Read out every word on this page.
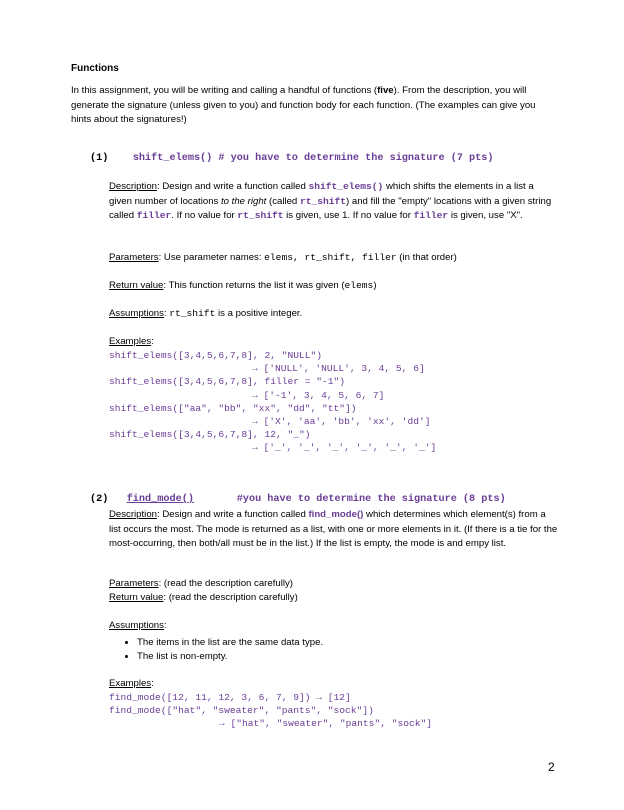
Functions
In this assignment, you will be writing and calling a handful of functions (five). From the description, you will generate the signature (unless given to you) and function body for each function. (The examples can give you hints about the signatures!)
(1) shift_elems() # you have to determine the signature (7 pts)
Description: Design and write a function called shift_elems() which shifts the elements in a list a given number of locations to the right (called rt_shift) and fill the "empty" locations with a given string called filler. If no value for rt_shift is given, use 1. If no value for filler is given, use "X".
Parameters: Use parameter names: elems, rt_shift, filler (in that order)
Return value: This function returns the list it was given (elems)
Assumptions: rt_shift is a positive integer.
Examples:
shift_elems([3,4,5,6,7,8], 2, "NULL")
→ ['NULL', 'NULL', 3, 4, 5, 6]
shift_elems([3,4,5,6,7,8], filler = "-1")
→ ['-1', 3, 4, 5, 6, 7]
shift_elems(["aa", "bb", "xx", "dd", "tt"])
→ ['X', 'aa', 'bb', 'xx', 'dd']
shift_elems([3,4,5,6,7,8], 12, "_")
→ ['_', '_', '_', '_', '_', '_']
(2) find_mode()	#you have to determine the signature (8 pts)
Description: Design and write a function called find_mode() which determines which element(s) from a list occurs the most. The mode is returned as a list, with one or more elements in it. (If there is a tie for the most-occurring, then both/all must be in the list.) If the list is empty, the mode is and empy list.
Parameters: (read the description carefully)
Return value: (read the description carefully)
Assumptions:
• The items in the list are the same data type.
• The list is non-empty.
Examples:
find_mode([12, 11, 12, 3, 6, 7, 9]) → [12]
find_mode(["hat", "sweater", "pants", "sock"])
→ ["hat", "sweater", "pants", "sock"]
2
